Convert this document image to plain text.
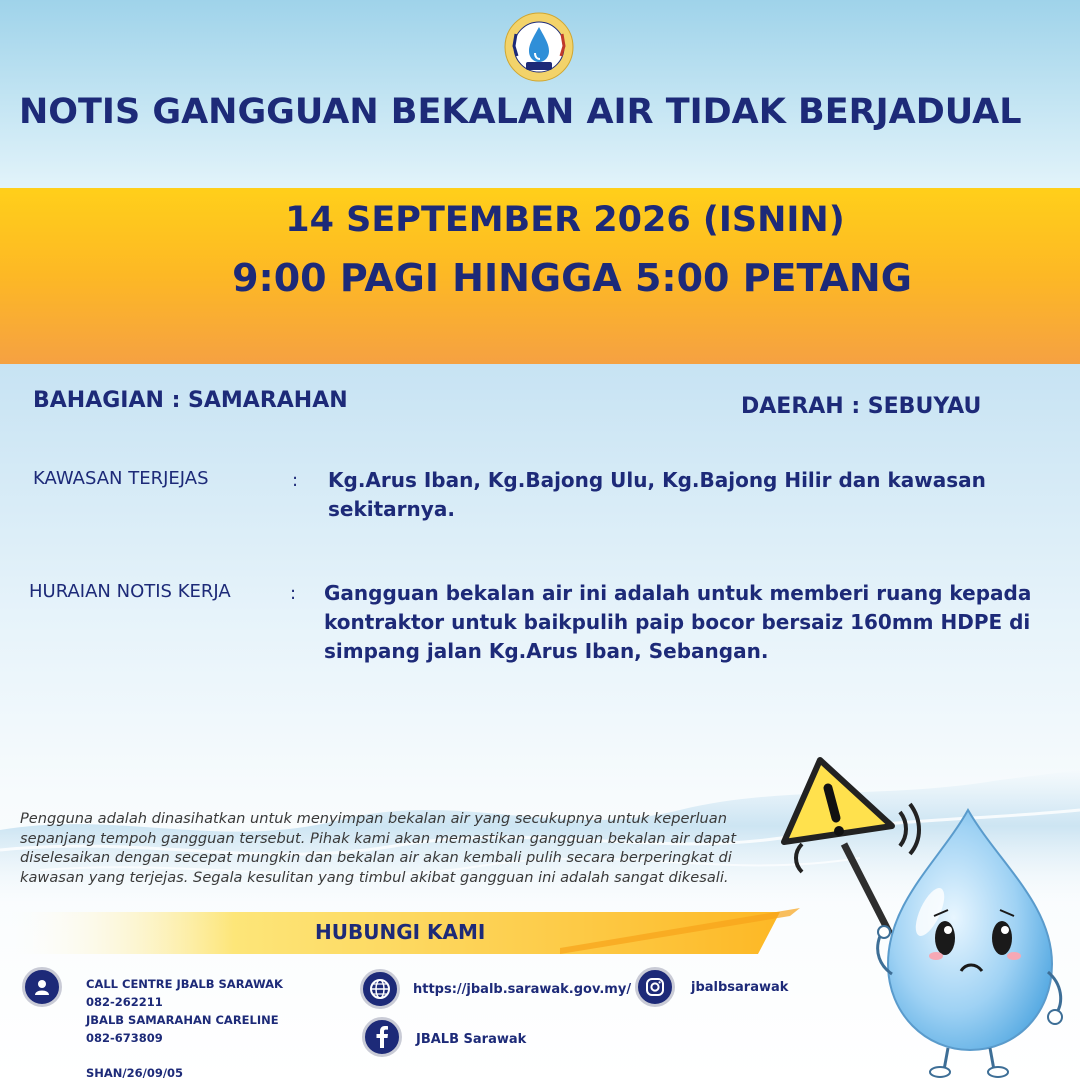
NOTIS GANGGUAN BEKALAN AIR TIDAK BERJADUAL
14 SEPTEMBER 2026 (ISNIN)
9:00 PAGI HINGGA 5:00 PETANG
BAHAGIAN : SAMARAHAN	DAERAH : SEBUYAU
KAWASAN TERJEJAS	: Kg.Arus Iban, Kg.Bajong Ulu, Kg.Bajong Hilir dan kawasan
sekitarnya.
HURAIAN NOTIS KERJA	: Gangguan bekalan air ini adalah untuk memberi ruang kepada
kontraktor untuk baikpulih paip bocor bersaiz 160mm HDPE di
simpang jalan Kg.Arus Iban, Sebangan.
Pengguna adalah dinasihatkan untuk menyimpan bekalan air yang secukupnya untuk keperluan
sepanjang tempoh gangguan tersebut. Pihak kami akan memastikan gangguan bekalan air dapat
diselesaikan dengan secepat mungkin dan bekalan air akan kembali pulih secara berperingkat di
kawasan yang terjejas. Segala kesulitan yang timbul akibat gangguan ini adalah sangat dikesali.
HUBUNGI KAMI
CALL CENTRE JBALB SARAWAK
082-262211
JBALB SAMARAHAN CARELINE
082-673809
SHAN/26/09/05
https://jbalb.sarawak.gov.my/
JBALB Sarawak
jbalbsarawak
